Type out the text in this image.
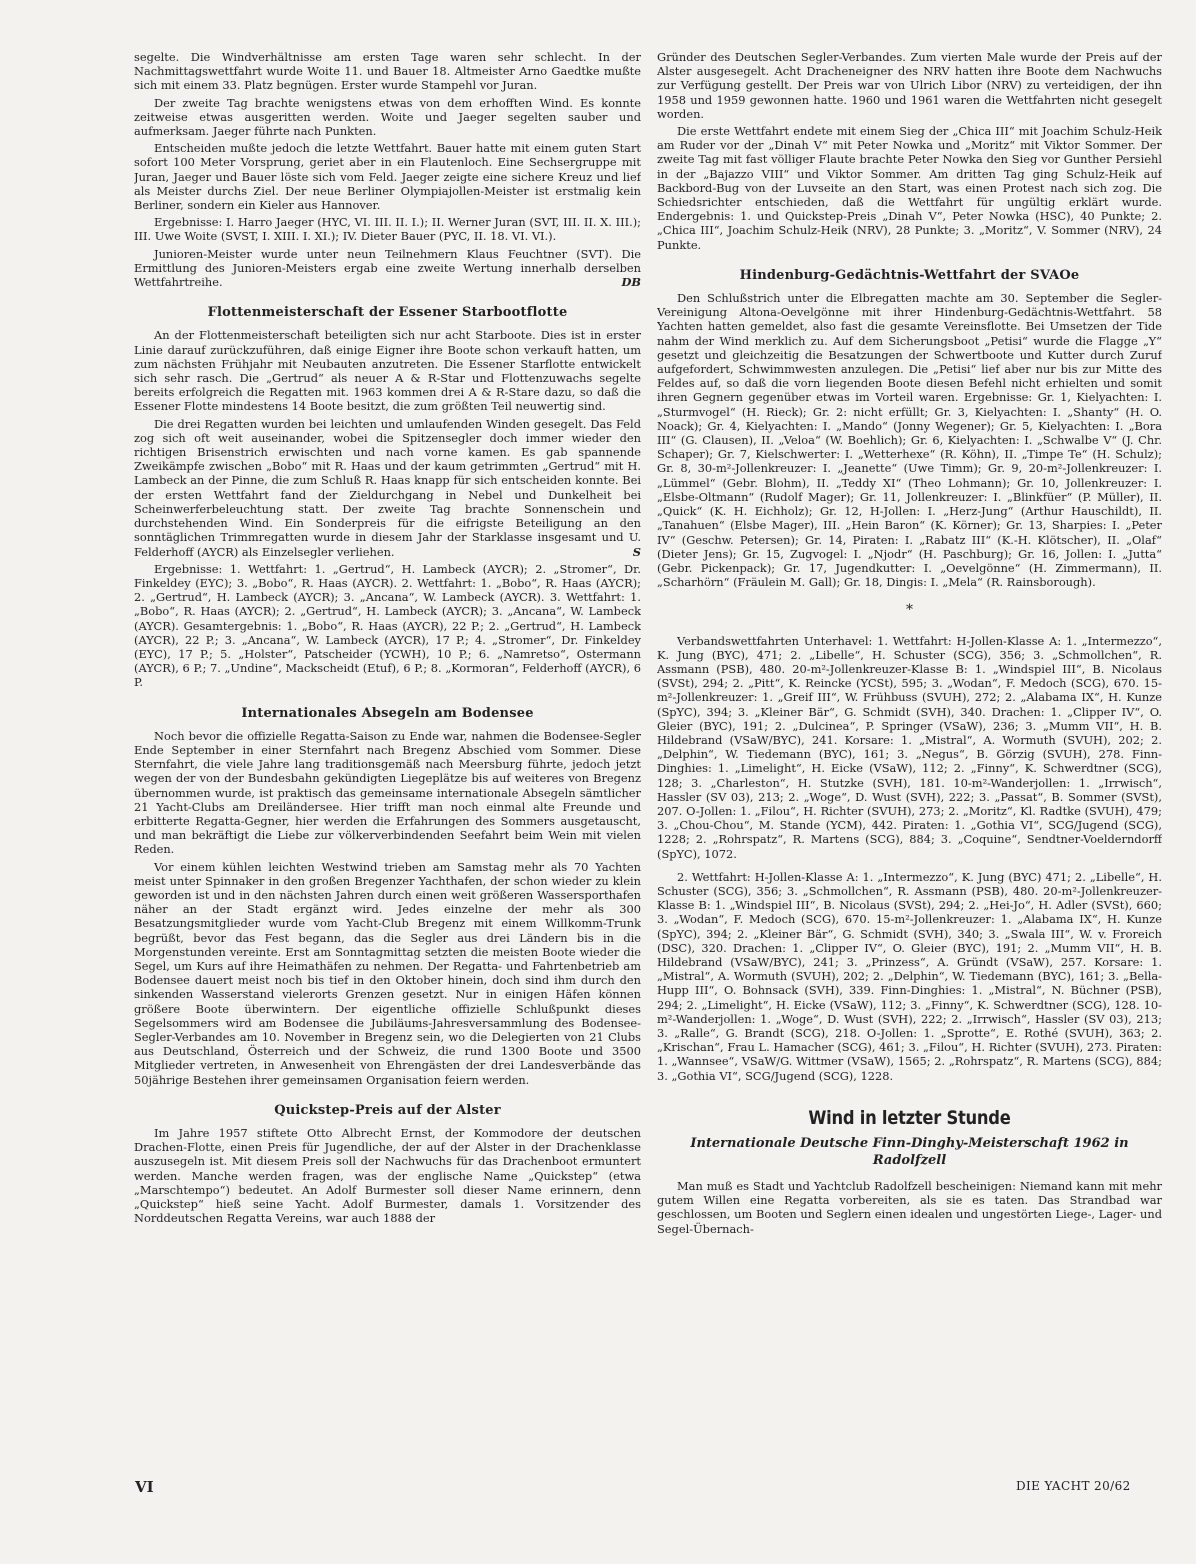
segelte. Die Windverhältnisse am ersten Tage waren sehr schlecht. In der Nachmittagswettfahrt wurde Woite 11. und Bauer 18. Altmeister Arno Gaedtke mußte sich mit einem 33. Platz begnügen. Erster wurde Stampehl vor Juran.

Der zweite Tag brachte wenigstens etwas von dem erhofften Wind. Es konnte zeitweise etwas ausgeritten werden. Woite und Jaeger segelten sauber und aufmerksam. Jaeger führte nach Punkten.

Entscheiden mußte jedoch die letzte Wettfahrt. Bauer hatte mit einem guten Start sofort 100 Meter Vorsprung, geriet aber in ein Flautenloch. Eine Sechsergruppe mit Juran, Jaeger und Bauer löste sich vom Feld. Jaeger zeigte eine sichere Kreuz und lief als Meister durchs Ziel. Der neue Berliner Olympiajollen-Meister ist erstmalig kein Berliner, sondern ein Kieler aus Hannover.

Ergebnisse: I. Harro Jaeger (HYC, VI. III. II. I.); II. Werner Juran (SVT, III. II. X. III.); III. Uwe Woite (SVST, I. XIII. I. XI.); IV. Dieter Bauer (PYC, II. 18. VI. VI.).

Junioren-Meister wurde unter neun Teilnehmern Klaus Feuchtner (SVT). Die Ermittlung des Junioren-Meisters ergab eine zweite Wertung innerhalb derselben Wettfahrtreihe.	DB

Flottenmeisterschaft der Essener Starbootflotte

An der Flottenmeisterschaft beteiligten sich nur acht Starboote. Dies ist in erster Linie darauf zurückzuführen, daß einige Eigner ihre Boote schon verkauft hatten, um zum nächsten Frühjahr mit Neubauten anzutreten. Die Essener Starflotte entwickelt sich sehr rasch. Die „Gertrud“ als neuer A & R-Star und Flottenzuwachs segelte bereits erfolgreich die Regatten mit. 1963 kommen drei A & R-Stare dazu, so daß die Essener Flotte mindestens 14 Boote besitzt, die zum größten Teil neuwertig sind.

Die drei Regatten wurden bei leichten und umlaufenden Winden gesegelt. Das Feld zog sich oft weit auseinander, wobei die Spitzensegler doch immer wieder den richtigen Brisenstrich erwischten und nach vorne kamen. Es gab spannende Zweikämpfe zwischen „Bobo“ mit R. Haas und der kaum getrimmten „Gertrud“ mit H. Lambeck an der Pinne, die zum Schluß R. Haas knapp für sich entscheiden konnte. Bei der ersten Wettfahrt fand der Zieldurchgang in Nebel und Dunkelheit bei Scheinwerferbeleuchtung statt. Der zweite Tag brachte Sonnenschein und durchstehenden Wind. Ein Sonderpreis für die eifrigste Beteiligung an den sonntäglichen Trimmregatten wurde in diesem Jahr der Starklasse insgesamt und U. Felderhoff (AYCR) als Einzelsegler verliehen.	S

Ergebnisse: 1. Wettfahrt: 1. „Gertrud“, H. Lambeck (AYCR); 2. „Stromer“, Dr. Finkeldey (EYC); 3. „Bobo“, R. Haas (AYCR). 2. Wettfahrt: 1. „Bobo“, R. Haas (AYCR); 2. „Gertrud“, H. Lambeck (AYCR); 3. „Ancana“, W. Lambeck (AYCR). 3. Wettfahrt: 1. „Bobo“, R. Haas (AYCR); 2. „Gertrud“, H. Lambeck (AYCR); 3. „Ancana“, W. Lambeck (AYCR). Gesamtergebnis: 1. „Bobo“, R. Haas (AYCR), 22 P.; 2. „Gertrud“, H. Lambeck (AYCR), 22 P.; 3. „Ancana“, W. Lambeck (AYCR), 17 P.; 4. „Stromer“, Dr. Finkeldey (EYC), 17 P.; 5. „Holster“, Patscheider (YCWH), 10 P.; 6. „Namretso“, Ostermann (AYCR), 6 P.; 7. „Undine“, Mackscheidt (Etuf), 6 P.; 8. „Kormoran“, Felderhoff (AYCR), 6 P.

Internationales Absegeln am Bodensee

Noch bevor die offizielle Regatta-Saison zu Ende war, nahmen die Bodensee-Segler Ende September in einer Sternfahrt nach Bregenz Abschied vom Sommer. Diese Sternfahrt, die viele Jahre lang traditionsgemäß nach Meersburg führte, jedoch jetzt wegen der von der Bundesbahn gekündigten Liegeplätze bis auf weiteres von Bregenz übernommen wurde, ist praktisch das gemeinsame internationale Absegeln sämtlicher 21 Yacht-Clubs am Dreiländersee. Hier trifft man noch einmal alte Freunde und erbitterte Regatta-Gegner, hier werden die Erfahrungen des Sommers ausgetauscht, und man bekräftigt die Liebe zur völkerverbindenden Seefahrt beim Wein mit vielen Reden.

Vor einem kühlen leichten Westwind trieben am Samstag mehr als 70 Yachten meist unter Spinnaker in den großen Bregenzer Yachthafen, der schon wieder zu klein geworden ist und in den nächsten Jahren durch einen weit größeren Wassersporthafen näher an der Stadt ergänzt wird. Jedes einzelne der mehr als 300 Besatzungsmitglieder wurde vom Yacht-Club Bregenz mit einem Willkomm-Trunk begrüßt, bevor das Fest begann, das die Segler aus drei Ländern bis in die Morgenstunden vereinte. Erst am Sonntagmittag setzten die meisten Boote wieder die Segel, um Kurs auf ihre Heimathäfen zu nehmen. Der Regatta- und Fahrtenbetrieb am Bodensee dauert meist noch bis tief in den Oktober hinein, doch sind ihm durch den sinkenden Wasserstand vielerorts Grenzen gesetzt. Nur in einigen Häfen können größere Boote überwintern. Der eigentliche offizielle Schlußpunkt dieses Segelsommers wird am Bodensee die Jubiläums-Jahresversammlung des Bodensee-Segler-Verbandes am 10. November in Bregenz sein, wo die Delegierten von 21 Clubs aus Deutschland, Österreich und der Schweiz, die rund 1300 Boote und 3500 Mitglieder vertreten, in Anwesenheit von Ehrengästen der drei Landesverbände das 50jährige Bestehen ihrer gemeinsamen Organisation feiern werden.

Quickstep-Preis auf der Alster

Im Jahre 1957 stiftete Otto Albrecht Ernst, der Kommodore der deutschen Drachen-Flotte, einen Preis für Jugendliche, der auf der Alster in der Drachenklasse auszusegeln ist. Mit diesem Preis soll der Nachwuchs für das Drachenboot ermuntert werden. Manche werden fragen, was der englische Name „Quickstep“ (etwa „Marschtempo“) bedeutet. An Adolf Burmester soll dieser Name erinnern, denn „Quickstep“ hieß seine Yacht. Adolf Burmester, damals 1. Vorsitzender des Norddeutschen Regatta Vereins, war auch 1888 der

Gründer des Deutschen Segler-Verbandes. Zum vierten Male wurde der Preis auf der Alster ausgesegelt. Acht Dracheneigner des NRV hatten ihre Boote dem Nachwuchs zur Verfügung gestellt. Der Preis war von Ulrich Libor (NRV) zu verteidigen, der ihn 1958 und 1959 gewonnen hatte. 1960 und 1961 waren die Wettfahrten nicht gesegelt worden.

Die erste Wettfahrt endete mit einem Sieg der „Chica III“ mit Joachim Schulz-Heik am Ruder vor der „Dinah V“ mit Peter Nowka und „Moritz“ mit Viktor Sommer. Der zweite Tag mit fast völliger Flaute brachte Peter Nowka den Sieg vor Gunther Persiehl in der „Bajazzo VIII“ und Viktor Sommer. Am dritten Tag ging Schulz-Heik auf Backbord-Bug von der Luvseite an den Start, was einen Protest nach sich zog. Die Schiedsrichter entschieden, daß die Wettfahrt für ungültig erklärt wurde. Endergebnis: 1. und Quickstep-Preis „Dinah V“, Peter Nowka (HSC), 40 Punkte; 2. „Chica III“, Joachim Schulz-Heik (NRV), 28 Punkte; 3. „Moritz“, V. Sommer (NRV), 24 Punkte.

Hindenburg-Gedächtnis-Wettfahrt der SVAOe

Den Schlußstrich unter die Elbregatten machte am 30. September die Segler-Vereinigung Altona-Oevelgönne mit ihrer Hindenburg-Gedächtnis-Wettfahrt. 58 Yachten hatten gemeldet, also fast die gesamte Vereinsflotte. Bei Umsetzen der Tide nahm der Wind merklich zu. Auf dem Sicherungsboot „Petisi“ wurde die Flagge „Y“ gesetzt und gleichzeitig die Besatzungen der Schwertboote und Kutter durch Zuruf aufgefordert, Schwimmwesten anzulegen. Die „Petisi“ lief aber nur bis zur Mitte des Feldes auf, so daß die vorn liegenden Boote diesen Befehl nicht erhielten und somit ihren Gegnern gegenüber etwas im Vorteil waren. Ergebnisse: Gr. 1, Kielyachten: I. „Sturmvogel“ (H. Rieck); Gr. 2: nicht erfüllt; Gr. 3, Kielyachten: I. „Shanty“ (H. O. Noack); Gr. 4, Kielyachten: I. „Mando“ (Jonny Wegener); Gr. 5, Kielyachten: I. „Bora III“ (G. Clausen), II. „Veloa“ (W. Boehlich); Gr. 6, Kielyachten: I. „Schwalbe V“ (J. Chr. Schaper); Gr. 7, Kielschwerter: I. „Wetterhexe“ (R. Köhn), II. „Timpe Te“ (H. Schulz); Gr. 8, 30-m²-Jollenkreuzer: I. „Jeanette“ (Uwe Timm); Gr. 9, 20-m²-Jollenkreuzer: I. „Lümmel“ (Gebr. Blohm), II. „Teddy XI“ (Theo Lohmann); Gr. 10, Jollenkreuzer: I. „Elsbe-Oltmann“ (Rudolf Mager); Gr. 11, Jollenkreuzer: I. „Blinkfüer“ (P. Müller), II. „Quick“ (K. H. Eichholz); Gr. 12, H-Jollen: I. „Herz-Jung“ (Arthur Hauschildt), II. „Tanahuen“ (Elsbe Mager), III. „Hein Baron“ (K. Körner); Gr. 13, Sharpies: I. „Peter IV“ (Geschw. Petersen); Gr. 14, Piraten: I. „Rabatz III“ (K.-H. Klötscher), II. „Olaf“ (Dieter Jens); Gr. 15, Zugvogel: I. „Njodr“ (H. Paschburg); Gr. 16, Jollen: I. „Jutta“ (Gebr. Pickenpack); Gr. 17, Jugendkutter: I. „Oevelgönne“ (H. Zimmermann), II. „Scharhörn“ (Fräulein M. Gall); Gr. 18, Dingis: I. „Mela“ (R. Rainsborough).

*

Verbandswettfahrten Unterhavel: 1. Wettfahrt: H-Jollen-Klasse A: 1. „Intermezzo“, K. Jung (BYC), 471; 2. „Libelle“, H. Schuster (SCG), 356; 3. „Schmollchen“, R. Assmann (PSB), 480. 20-m²-Jollenkreuzer-Klasse B: 1. „Windspiel III“, B. Nicolaus (SVSt), 294; 2. „Pitt“, K. Reincke (YCSt), 595; 3. „Wodan“, F. Medoch (SCG), 670. 15-m²-Jollenkreuzer: 1. „Greif III“, W. Frühbuss (SVUH), 272; 2. „Alabama IX“, H. Kunze (SpYC), 394; 3. „Kleiner Bär“, G. Schmidt (SVH), 340. Drachen: 1. „Clipper IV“, O. Gleier (BYC), 191; 2. „Dulcinea“, P. Springer (VSaW), 236; 3. „Mumm VII“, H. B. Hildebrand (VSaW/BYC), 241. Korsare: 1. „Mistral“, A. Wormuth (SVUH), 202; 2. „Delphin“, W. Tiedemann (BYC), 161; 3. „Negus“, B. Görzig (SVUH), 278. Finn-Dinghies: 1. „Limelight“, H. Eicke (VSaW), 112; 2. „Finny“, K. Schwerdtner (SCG), 128; 3. „Charleston“, H. Stutzke (SVH), 181. 10-m²-Wanderjollen: 1. „Irrwisch“, Hassler (SV 03), 213; 2. „Woge“, D. Wust (SVH), 222; 3. „Passat“, B. Sommer (SVSt), 207. O-Jollen: 1. „Filou“, H. Richter (SVUH), 273; 2. „Moritz“, Kl. Radtke (SVUH), 479; 3. „Chou-Chou“, M. Stande (YCM), 442. Piraten: 1. „Gothia VI“, SCG/Jugend (SCG), 1228; 2. „Rohrspatz“, R. Martens (SCG), 884; 3. „Coquine“, Sendtner-Voelderndorff (SpYC), 1072.

2. Wettfahrt: H-Jollen-Klasse A: 1. „Intermezzo“, K. Jung (BYC) 471; 2. „Libelle“, H. Schuster (SCG), 356; 3. „Schmollchen“, R. Assmann (PSB), 480. 20-m²-Jollenkreuzer-Klasse B: 1. „Windspiel III“, B. Nicolaus (SVSt), 294; 2. „Hei-Jo“, H. Adler (SVSt), 660; 3. „Wodan“, F. Medoch (SCG), 670. 15-m²-Jollenkreuzer: 1. „Alabama IX“, H. Kunze (SpYC), 394; 2. „Kleiner Bär“, G. Schmidt (SVH), 340; 3. „Swala III“, W. v. Froreich (DSC), 320. Drachen: 1. „Clipper IV“, O. Gleier (BYC), 191; 2. „Mumm VII“, H. B. Hildebrand (VSaW/BYC), 241; 3. „Prinzess“, A. Gründt (VSaW), 257. Korsare: 1. „Mistral“, A. Wormuth (SVUH), 202; 2. „Delphin“, W. Tiedemann (BYC), 161; 3. „Bella-Hupp III“, O. Bohnsack (SVH), 339. Finn-Dinghies: 1. „Mistral“, N. Büchner (PSB), 294; 2. „Limelight“, H. Eicke (VSaW), 112; 3. „Finny“, K. Schwerdtner (SCG), 128. 10-m²-Wanderjollen: 1. „Woge“, D. Wust (SVH), 222; 2. „Irrwisch“, Hassler (SV 03), 213; 3. „Ralle“, G. Brandt (SCG), 218. O-Jollen: 1. „Sprotte“, E. Rothé (SVUH), 363; 2. „Krischan“, Frau L. Hamacher (SCG), 461; 3. „Filou“, H. Richter (SVUH), 273. Piraten: 1. „Wannsee“, VSaW/G. Wittmer (VSaW), 1565; 2. „Rohrspatz“, R. Martens (SCG), 884; 3. „Gothia VI“, SCG/Jugend (SCG), 1228.

Wind in letzter Stunde
Internationale Deutsche Finn-Dinghy-Meisterschaft 1962 in Radolfzell

Man muß es Stadt und Yachtclub Radolfzell bescheinigen: Niemand kann mit mehr gutem Willen eine Regatta vorbereiten, als sie es taten. Das Strandbad war geschlossen, um Booten und Seglern einen idealen und ungestörten Liege-, Lager- und Segel-Übernach-

VI	DIE YACHT 20/62
